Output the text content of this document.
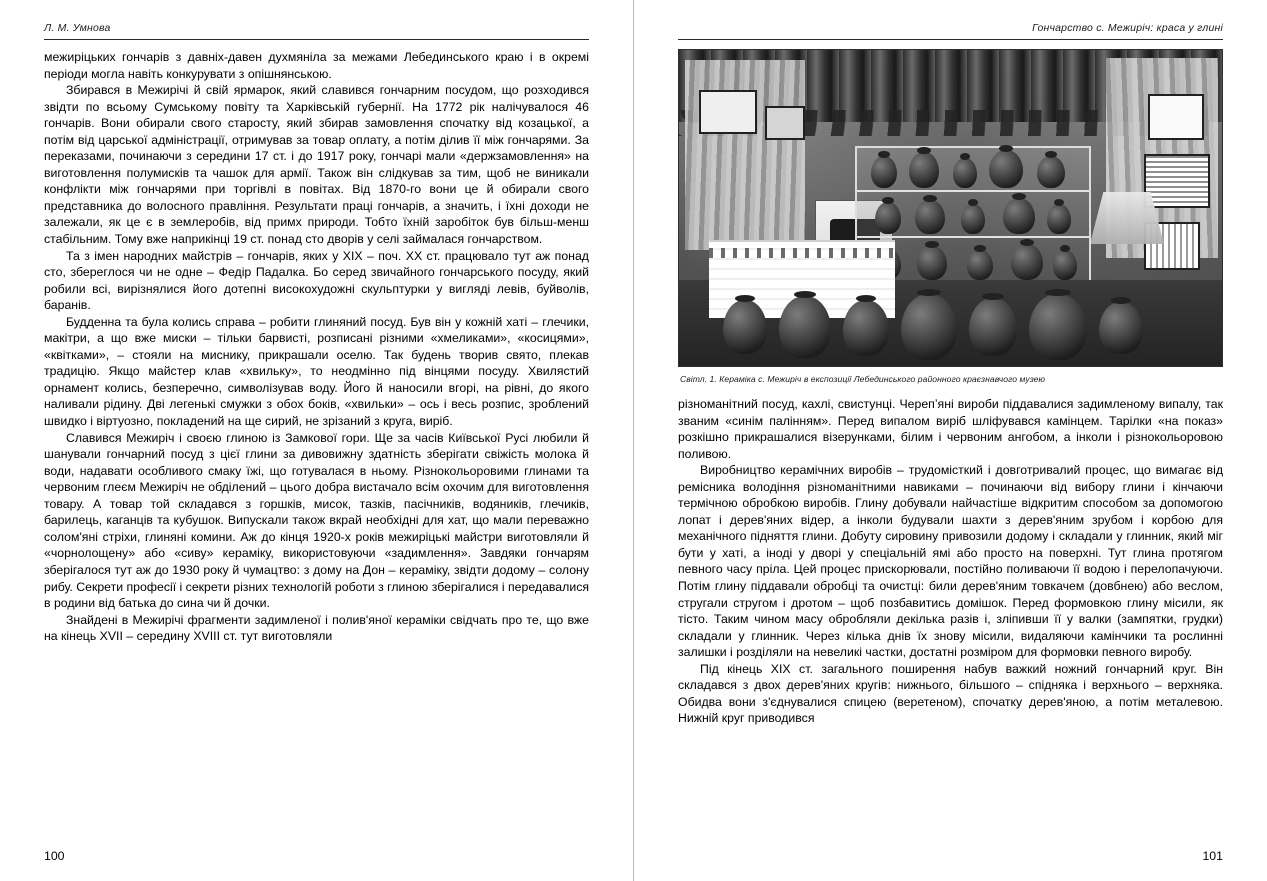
Л. М. Умнова

межиріцьких гончарів з давніх-давен духмяніла за межами Лебединського краю і в окремі періоди могла навіть конкурувати з опішнянською.

Збирався в Межирічі й свій ярмарок, який славився гончарним посудом, що розходився звідти по всьому Сумському повіту та Харківській губернії. На 1772 рік налічувалося 46 гончарів. Вони обирали свого старосту, який збирав замовлення спочатку від козацької, а потім від царської адміністрації, отримував за товар оплату, а потім ділив її між гончарями. За переказами, починаючи з середини 17 ст. і до 1917 року, гончарі мали «держзамовлення» на виготовлення полумисків та чашок для армії. Також він слідкував за тим, щоб не виникали конфлікти між гончарями при торгівлі в повітах. Від 1870-го вони це й обирали свого представника до волосного правління. Результати праці гончарів, а значить, і їхні доходи не залежали, як це є в землеробів, від примх природи. Тобто їхній заробіток був більш-менш стабільним. Тому вже наприкінці 19 ст. понад сто дворів у селі займалася гончарством.

Та з імен народних майстрів – гончарів, яких у XIX – поч. XX ст. працювало тут аж понад сто, збереглося чи не одне – Федір Падалка. Бо серед звичайного гончарського посуду, який робили всі, вирізнялися його дотепні високохудожні скульптурки у вигляді левів, буйволів, баранів.

Будденна та була колись справа – робити глиняний посуд. Був він у кожній хаті – глечики, макітри, а що вже миски – тільки барвисті, розписані різними «хмеликами», «косицями», «квітками», – стояли на миснику, прикрашали оселю. Так будень творив свято, плекав традицію. Якщо майстер клав «хвильку», то неодмінно під вінцями посуду. Хвилястий орнамент колись, безперечно, символізував воду. Його й наносили вгорі, на рівні, до якого наливали рідину. Дві легенькі смужки з обох боків, «хвильки» – ось і весь розпис, зроблений швидко і віртуозно, покладений на ще сирий, не зрізаний з круга, виріб.

Славився Межиріч і своєю глиною із Замкової гори. Ще за часів Київської Русі любили й шанували гончарний посуд з цієї глини за дивовижну здатність зберігати свіжість молока й води, надавати особливого смаку їжі, що готувалася в ньому. Різнокольоровими глинами та червоним глеєм Межиріч не обділений – цього добра вистачало всім охочим для виготовлення товару. А товар той складався з горшків, мисок, тазків, пасічників, водяників, глечиків, барилець, каганців та кубушок. Випускали також вкрай необхідні для хат, що мали переважно солом'яні стріхи, глиняні комини. Аж до кінця 1920-х років межиріцькі майстри виготовляли й «чорнолощену» або «сиву» кераміку, використовуючи «задимлення». Завдяки гончарям зберігалося тут аж до 1930 року й чумацтво: з дому на Дон – кераміку, звідти додому – солону рибу. Секрети професії і секрети різних технологій роботи з глиною зберігалися і передавалися в родини від батька до сина чи й дочки.

Знайдені в Межирічі фрагменти задимленої і полив'яної кераміки свідчать про те, що вже на кінець XVII – середину XVIII ст. тут виготовляли

100
Гончарство с. Межиріч: краса у глині
Світл. 1. Кераміка с. Межиріч в експозиції Лебединського районного краєзнавчого музею

різноманітний посуд, кахлі, свистунці. Черепʼяні вироби піддавалися задимленому випалу, так званим «синім палінням». Перед випалом виріб шліфувався камінцем. Тарілки «на показ» розкішно прикрашалися візерунками, білим і червоним ангобом, а інколи і різнокольоровою поливою.

Виробництво керамічних виробів – трудомісткий і довготривалий процес, що вимагає від ремісника володіння різноманітними навиками – починаючи від вибору глини і кінчаючи термічною обробкою виробів. Глину добували найчастіше відкритим способом за допомогою лопат і дерев'яних відер, а інколи будували шахти з дерев'яним зрубом і корбою для механічного підняття глини. Добуту сировину привозили додому і складали у глинник, який міг бути у хаті, а іноді у дворі у спеціальній ямі або просто на поверхні. Тут глина протягом певного часу пріла. Цей процес прискорювали, постійно поливаючи її водою і перелопачуючи. Потім глину піддавали обробці та очистці: били дерев'яним товкачем (довбнею) або веслом, стругали стругом і дротом – щоб позбавитись домішок. Перед формовкою глину місили, як тісто. Таким чином масу обробляли декілька разів і, зліпивши її у валки (зампятки, грудки) складали у глинник. Через кілька днів їх знову місили, видаляючи камінчики та рослинні залишки і розділяли на невеликі частки, достатні розміром для формовки певного виробу.

Під кінець XIX ст. загального поширення набув важкий ножний гончарний круг. Він складався з двох дерев'яних кругів: нижнього, більшого – спідняка і верхнього – верхняка. Обидва вони з'єднувалися спицею (веретеном), спочатку дерев'яною, а потім металевою. Нижній круг приводився

101
